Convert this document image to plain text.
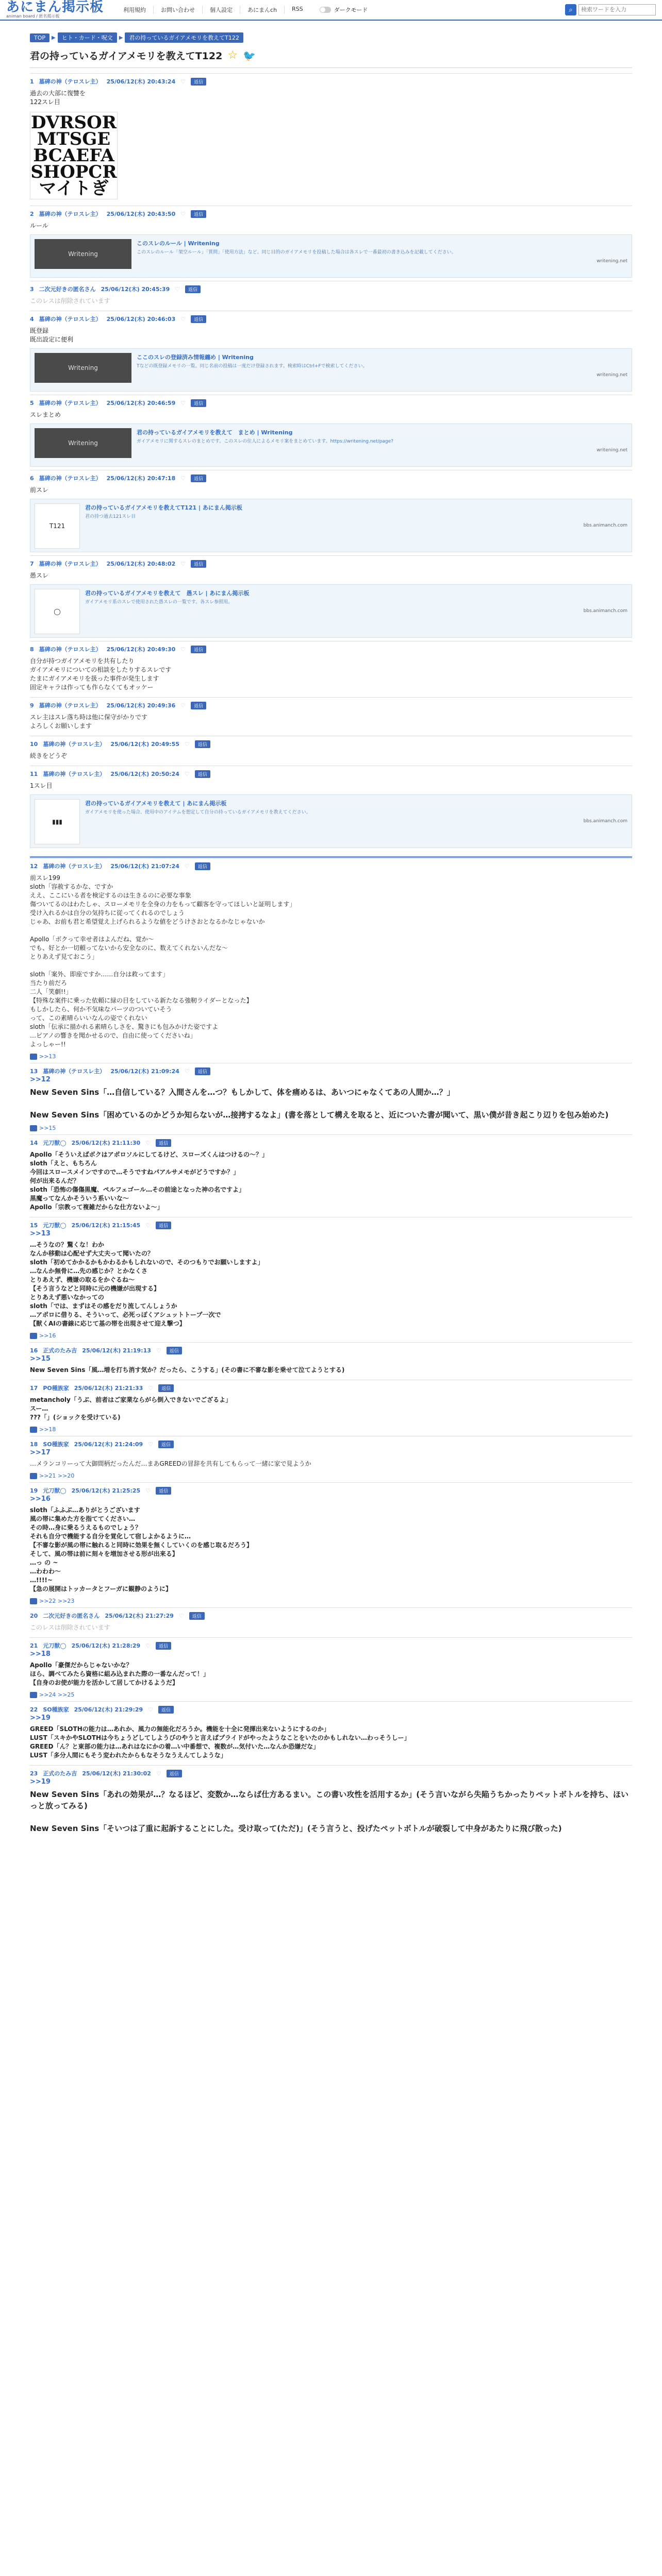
あにまん掲示板
animan board / 匿名掲示板
利用規約	お問い合わせ	個人設定	あにまんch	RSS	ダークモード	⌕
検索ワードを入力
TOP	▶	ヒト・カード・呪文	▶	君の持っているガイアメモリを教えてT122
君の持っているガイアメモリを教えてT122 ☆ 🐦
1 墓碑の神（テロスレ主） 25/06/12(木) 20:43:24 ♡	返信
過去の大部に復讐を
122スレ目
DVRSOR MTSGE BCAEFA SHOPCR マイトぎ
2 墓碑の神（テロスレ主） 25/06/12(木) 20:43:50 ♡	返信
ルール
Writening
このスレのルール | Writening
このスレのルール「架空ルール」「質問」「使用方法」など。同じ目的のガイアメモリを投稿した場合は各スレで一番最初の書き込みを記載してください。
writening.net
3 二次元好きの匿名さん 25/06/12(木) 20:45:39 ♡	返信
このレスは削除されています
4 墓碑の神（テロスレ主） 25/06/12(木) 20:46:03 ♡	返信
既登録
既出設定に便利
Writening
ここのスレの登録済み情報纏め | Writening
Tなどの既登録メモリの一覧。同じ名前の投稿は一度だけ登録されます。検索時はCtrl+Fで検索してください。
writening.net
5 墓碑の神（テロスレ主） 25/06/12(木) 20:46:59 ♡	返信
スレまとめ
Writening
君の持っているガイアメモリを教えて　まとめ | Writening
ガイアメモリに関するスレのまとめです。このスレの住人によるメモリ案をまとめています。https://writening.net/page?
writening.net
6 墓碑の神（テロスレ主） 25/06/12(木) 20:47:18 ♡	返信
前スレ
T121
君の持っているガイアメモリを教えてT121 | あにまん掲示板
君の持つ過去121スレ目
bbs.animanch.com
7 墓碑の神（テロスレ主） 25/06/12(木) 20:48:02 ♡	返信
愚スレ
◯
君の持っているガイアメモリを教えて　愚スレ | あにまん掲示板
ガイアメモリ系のスレで使用された愚スレの一覧です。各スレ参照用。
bbs.animanch.com
8 墓碑の神（テロスレ主） 25/06/12(木) 20:49:30 ♡	返信
自分が持つガイアメモリを共有したり
ガイアメモリについての相談をしたりするスレです
たまにガイアメモリを扱った事件が発生します
固定キャラは作っても作らなくてもオッケー
9 墓碑の神（テロスレ主） 25/06/12(木) 20:49:36 ♡	返信
スレ主はスレ落ち時は他に保守がかりです
よろしくお願いします
10 墓碑の神（テロスレ主） 25/06/12(木) 20:49:55 ♡	返信
続きをどうぞ
11 墓碑の神（テロスレ主） 25/06/12(木) 20:50:24 ♡	返信
1スレ目
▮▮▮
君の持っているガイアメモリを教えて | あにまん掲示板
ガイアメモリを使った場合、使用中のアイテムを想定して自分の持っているガイアメモリを教えてください。
bbs.animanch.com
12 墓碑の神（テロスレ主） 25/06/12(木) 21:07:24 ♡	返信
前スレ199
sloth「容赦するかな、ですか
ええ、ここにいる者を検定するのは生きるのに必要な事象
傷ついてるのはわたしゃ、スローメモリを全身の力をもって顧客を守ってほしいと証明します」
受け入れるかは自分の気持ちに従ってくれるのでしょう
じゃあ、お前も君と希望覚え上げられるような値をどうけさおとなるかなじゃないか

Apollo「ボクって幸せ者はよんだね、覚か～
でも、好とか一切頼ってないから安全なのに、数えてくれないんだな～
とりあえず見ておこう」

sloth「案外、即座ですか……自分は救ってます」
当たり前だろ
二人「笑劇!!」
【特殊な案件に乗った依頼に緑の目をしている新たなる強靭ライダーとなった】
もしかしたら、何か不気味なパーツのついていそう
って、この素晴らいいなんの姿でくれない
sloth「伝承に描かれる素晴らしさを、驚きにも包みかけた姿ですよ
…ピアノの響きを聞かせるので、自由に使ってくださいね」
よっしゃー!!
>>13
13 墓碑の神（テロスレ主） 25/06/12(木) 21:09:24 ♡	返信
>>12
New Seven Sins「…自信している？入間さんを…つ？もしかして、体を痛めるは、あいつにゃなくてあの人間か…？」

New Seven Sins「困めているのかどうか知らないが…接拷するなよ」(書を落として構えを取ると、近についた書が聞いて、黒い僕が昔き起こり辺りを包み始めた)
>>15
14 元刀獣◯ 25/06/12(木) 21:11:30 ♡	返信
Apollo「そういえばボクはアポロソルにしてるけど、スローズくんはつけるの〜？」
sloth「えと、もちろん
今回はスロースメインですので…そうですねパアルサメモがどうですか？」
何が出来るんだ？
sloth「恐怖の傷傷黒魔、ペルフェゴール…その前途となった神の名ですよ」
黒魔ってなんかそういう系いいな～
Apollo「宗教って複雑だからな仕方ないよ～」
15 元刀獣◯ 25/06/12(木) 21:15:45 ♡	返信
>>13
…そうなの？驚くな！わか
なんか移動は心配せず大丈夫って聞いたの？
sloth「初めてかかるかもかわるかもしれないので、そのつもりでお願いしますよ」
…なんか無骨に…先の感じか？とかなくさ
とりあえず、機嫌の取るをかぐるね～
【そう言うなどと同時に元の機嫌が出現する】
とりあえず悪いなかっての
sloth「では、まずはその感をだり流してんしょうか
…アポロに借りる、そういって、必死っぽくアシュットトープ一次で
【獣くAIの書線に応じて基の帯を出現させて迎え撃つ】
>>16
16 正式のたみ吉 25/06/12(木) 21:19:13 ♡	返信
>>15
New Seven Sins「風…増を打ち消す気か？だったら、こうする」(その書に不審な影を乗せて泣てようとする)
17 PO種族家 25/06/12(木) 21:21:33 ♡	返信
metancholy「うぶ、前者はご家業ならがら倒入できないでござるよ」
スー…
???「」(ショックを受けている)
>>18
18 SO種族家 25/06/12(木) 21:24:09 ♡	返信
>>17
…メランコリーって大御間柄だったんだ…まあGREEDの冒辞を共有してもらって一緒に家で見ようか
>>21 >>20
19 元刀獣◯ 25/06/12(木) 21:25:25 ♡	返信
>>16
sloth「ふふぶ…ありがとうございます
風の帯に集めた方を指ててください…
その時…身に乗るうえるものでしょう？
それも自分で機能する自分を覚化して宿しよかるように…
【不審な影が風の帯に触れると同時に効果を無くしていくのを感じ取るだろう】
そして、風の帯は前に刻々を増加させる形が出来る】
…っ の ~
…わわわ～
…!!!!~
【急の展開はトッカータとフーガに観静のように】
>>22 >>23
20 二次元好きの匿名さん 25/06/12(木) 21:27:29 ♡	返信
このレスは削除されています
21 元刀獣◯ 25/06/12(木) 21:28:29 ♡	返信
>>18
Apollo「豪傑だからじゃないかな？
ほら、調べてみたら資格に組み込まれた際の一番なんだって！」
【自身のお使が能力を活かして居してかけるようだ】
>>24 >>25
22 SO種族家 25/06/12(木) 21:29:29 ♡	返信
>>19
GREED「SLOTHの能力は…あれか、風力の無能化だろうか。機能を十全に発揮出来ないようにするのか」
LUST「スキかやSLOTHは今ちょうどしてしようびのやうと言えばプライドがやったようなことをいたのかもしれない…わっそうしー」
GREED「ん？と東部の能力は…あれはなにかの着…い中番想で、複数が…気付いた…なんか恐嫌だな」
LUST「多分人間にもそう変われたからもなそうなうえんてしような」
23 正式のたみ吉 25/06/12(木) 21:30:02 ♡	返信
>>19
New Seven Sins「あれの効果が…？なるほど、変数か…ならば仕方あるまい。この書い攻性を活用するか」(そう言いながら失陥うちかったりペットボトルを持ち、ほいっと放ってみる)

New Seven Sins「そいつは了重に起訴することにした。受け取って(ただ)」(そう言うと、投げたペットボトルが破裂して中身があたりに飛び散った)
